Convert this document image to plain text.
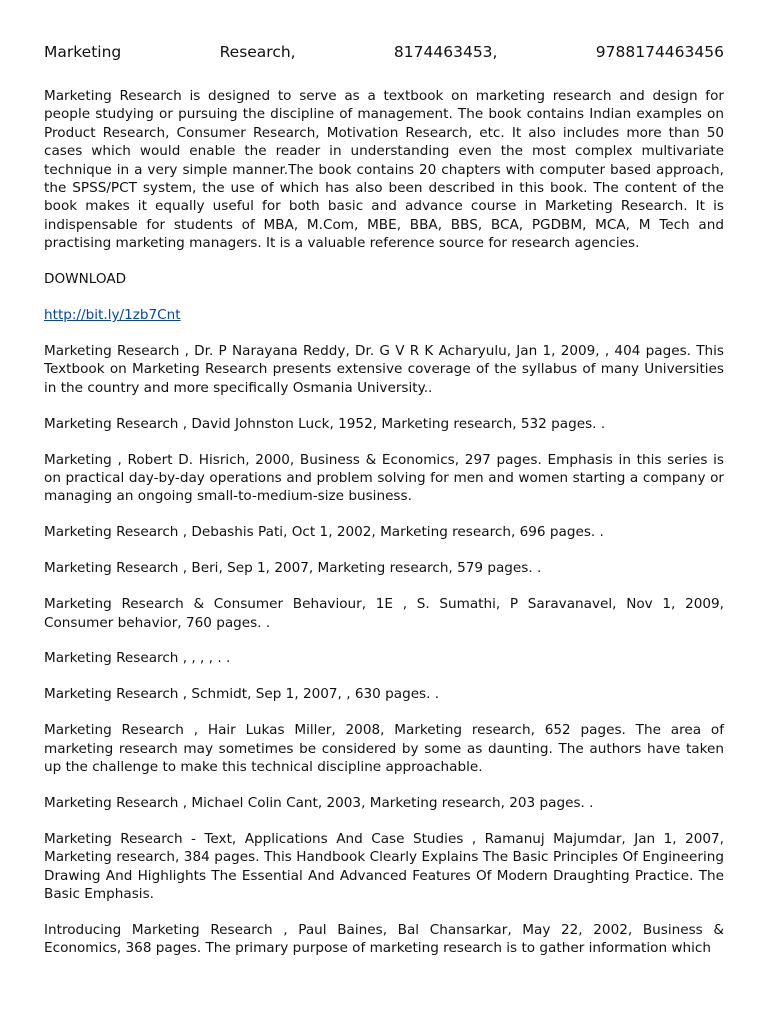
Marketing	Research,	8174463453,	9788174463456

Marketing Research is designed to serve as a textbook on marketing research and design for people studying or pursuing the discipline of management. The book contains Indian examples on Product Research, Consumer Research, Motivation Research, etc. It also includes more than 50 cases which would enable the reader in understanding even the most complex multivariate technique in a very simple manner.The book contains 20 chapters with computer based approach, the SPSS/PCT system, the use of which has also been described in this book. The content of the book makes it equally useful for both basic and advance course in Marketing Research. It is indispensable for students of MBA, M.Com, MBE, BBA, BBS, BCA, PGDBM, MCA, M Tech and practising marketing managers. It is a valuable reference source for research agencies.

DOWNLOAD

http://bit.ly/1zb7Cnt

Marketing Research , Dr. P Narayana Reddy, Dr. G V R K Acharyulu, Jan 1, 2009, , 404 pages. This Textbook on Marketing Research presents extensive coverage of the syllabus of many Universities in the country and more specifically Osmania University..

Marketing Research , David Johnston Luck, 1952, Marketing research, 532 pages. .

Marketing , Robert D. Hisrich, 2000, Business & Economics, 297 pages. Emphasis in this series is on practical day-by-day operations and problem solving for men and women starting a company or managing an ongoing small-to-medium-size business.

Marketing Research , Debashis Pati, Oct 1, 2002, Marketing research, 696 pages. .

Marketing Research , Beri, Sep 1, 2007, Marketing research, 579 pages. .

Marketing Research & Consumer Behaviour, 1E , S. Sumathi, P Saravanavel, Nov 1, 2009, Consumer behavior, 760 pages. .

Marketing Research , , , , . .

Marketing Research , Schmidt, Sep 1, 2007, , 630 pages. .

Marketing Research , Hair Lukas Miller, 2008, Marketing research, 652 pages. The area of marketing research may sometimes be considered by some as daunting. The authors have taken up the challenge to make this technical discipline approachable.

Marketing Research , Michael Colin Cant, 2003, Marketing research, 203 pages. .

Marketing Research - Text, Applications And Case Studies , Ramanuj Majumdar, Jan 1, 2007, Marketing research, 384 pages. This Handbook Clearly Explains The Basic Principles Of Engineering Drawing And Highlights The Essential And Advanced Features Of Modern Draughting Practice. The Basic Emphasis.

Introducing Marketing Research , Paul Baines, Bal Chansarkar, May 22, 2002, Business & Economics, 368 pages. The primary purpose of marketing research is to gather information which
